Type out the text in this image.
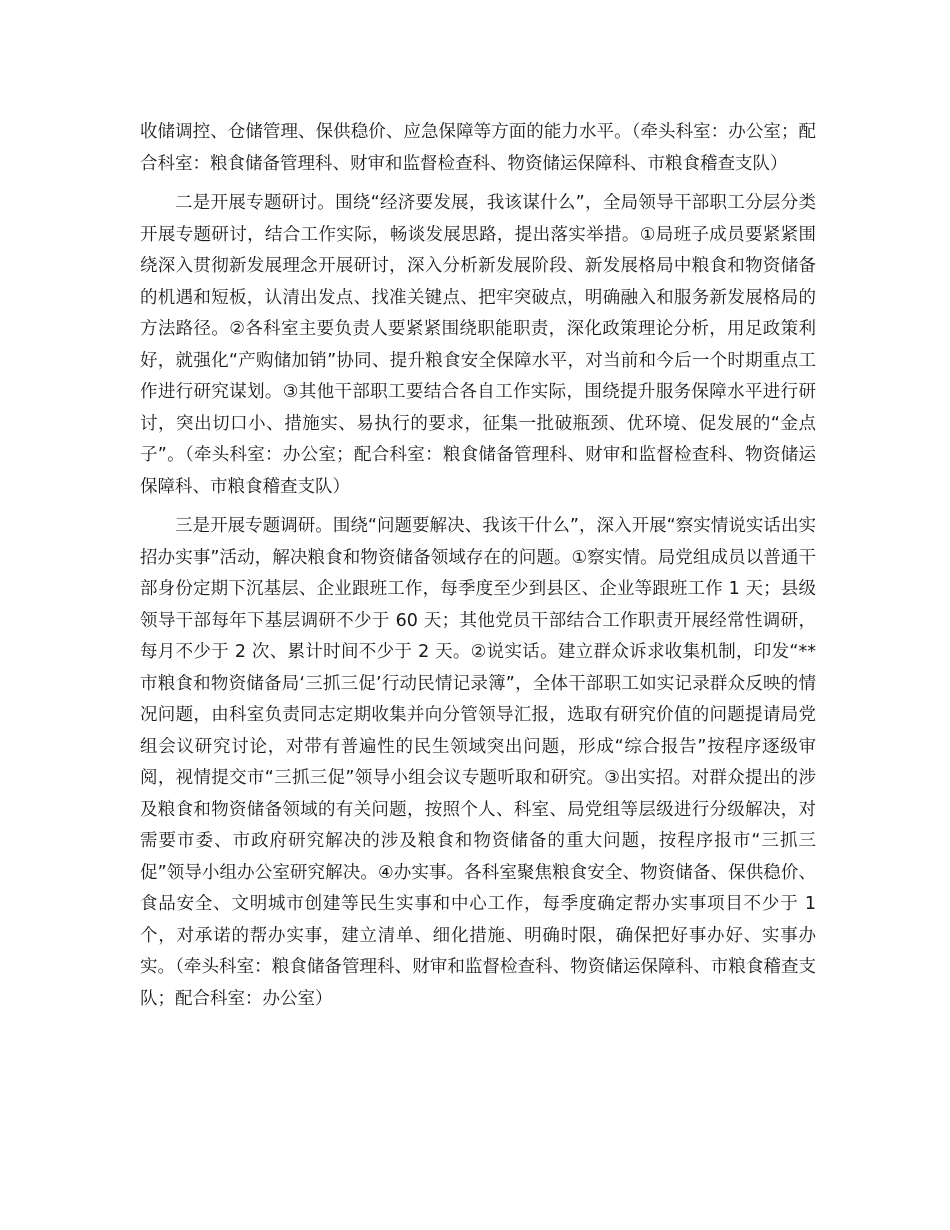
收储调控、仓储管理、保供稳价、应急保障等方面的能力水平。（牵头科室：办公室；配合科室：粮食储备管理科、财审和监督检查科、物资储运保障科、市粮食稽查支队）

二是开展专题研讨。围绕“经济要发展，我该谋什么”，全局领导干部职工分层分类开展专题研讨，结合工作实际，畅谈发展思路，提出落实举措。①局班子成员要紧紧围绕深入贯彻新发展理念开展研讨，深入分析新发展阶段、新发展格局中粮食和物资储备的机遇和短板，认清出发点、找准关键点、把牢突破点，明确融入和服务新发展格局的方法路径。②各科室主要负责人要紧紧围绕职能职责，深化政策理论分析，用足政策利好，就强化“产购储加销”协同、提升粮食安全保障水平，对当前和今后一个时期重点工作进行研究谋划。③其他干部职工要结合各自工作实际，围绕提升服务保障水平进行研讨，突出切口小、措施实、易执行的要求，征集一批破瓶颈、优环境、促发展的“金点子”。（牵头科室：办公室；配合科室：粮食储备管理科、财审和监督检查科、物资储运保障科、市粮食稽查支队）

三是开展专题调研。围绕“问题要解决、我该干什么”，深入开展“察实情说实话出实招办实事”活动，解决粮食和物资储备领域存在的问题。①察实情。局党组成员以普通干部身份定期下沉基层、企业跟班工作，每季度至少到县区、企业等跟班工作 1 天；县级领导干部每年下基层调研不少于 60 天；其他党员干部结合工作职责开展经常性调研，每月不少于 2 次、累计时间不少于 2 天。②说实话。建立群众诉求收集机制，印发“**市粮食和物资储备局‘三抓三促’行动民情记录簿”，全体干部职工如实记录群众反映的情况问题，由科室负责同志定期收集并向分管领导汇报，选取有研究价值的问题提请局党组会议研究讨论，对带有普遍性的民生领域突出问题，形成“综合报告”按程序逐级审阅，视情提交市“三抓三促”领导小组会议专题听取和研究。③出实招。对群众提出的涉及粮食和物资储备领域的有关问题，按照个人、科室、局党组等层级进行分级解决，对需要市委、市政府研究解决的涉及粮食和物资储备的重大问题，按程序报市“三抓三促”领导小组办公室研究解决。④办实事。各科室聚焦粮食安全、物资储备、保供稳价、食品安全、文明城市创建等民生实事和中心工作，每季度确定帮办实事项目不少于 1 个，对承诺的帮办实事，建立清单、细化措施、明确时限，确保把好事办好、实事办实。（牵头科室：粮食储备管理科、财审和监督检查科、物资储运保障科、市粮食稽查支队；配合科室：办公室）
